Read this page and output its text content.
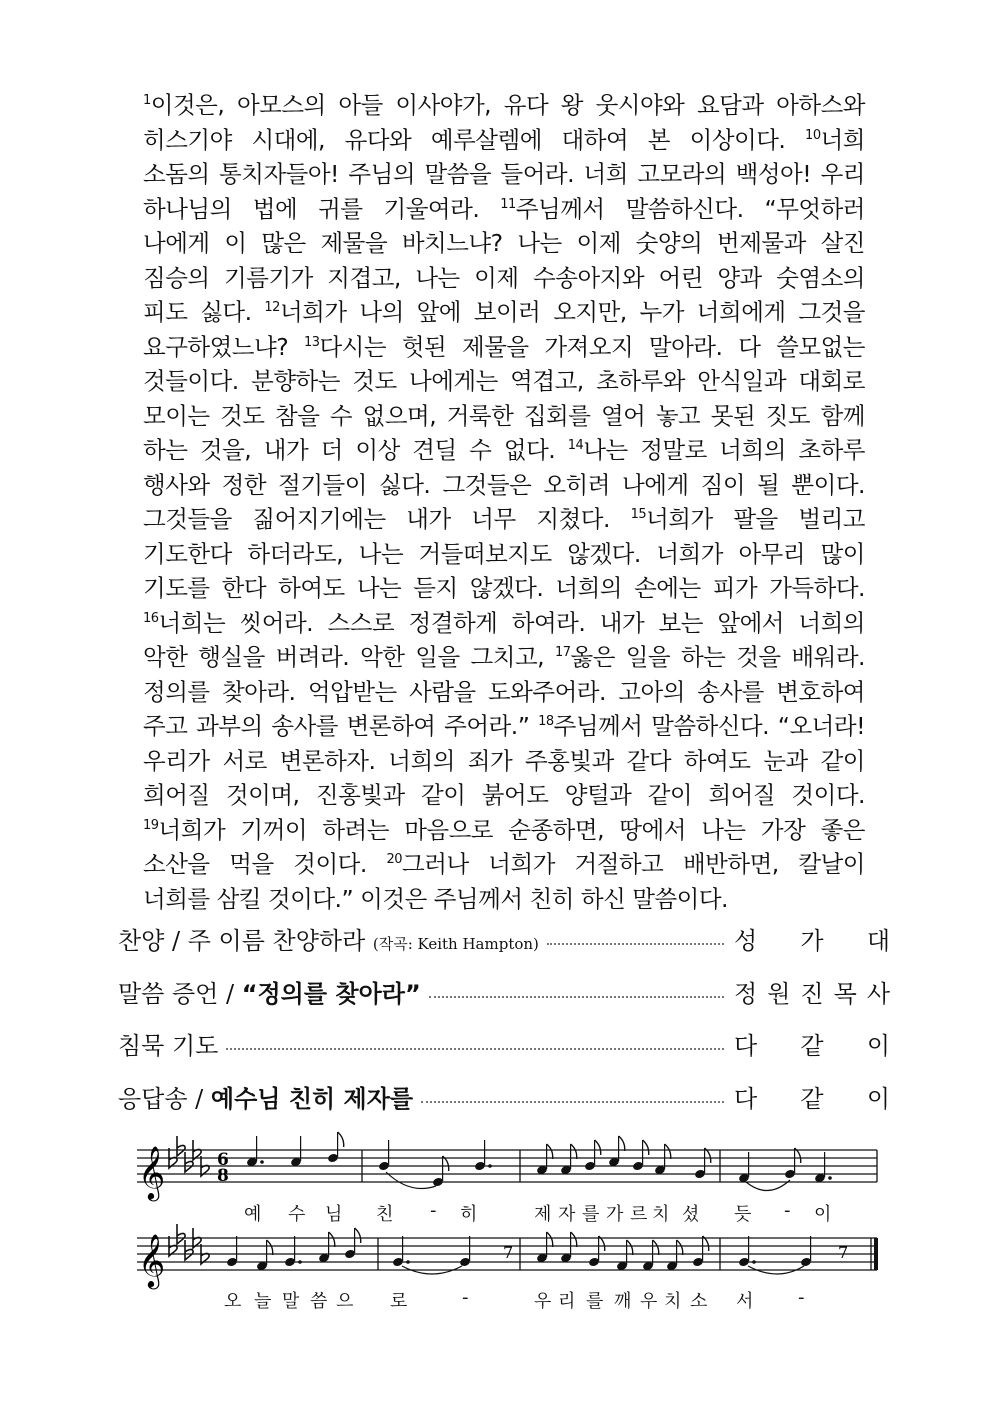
$^1$이것은, 아모스의 아들 이사야가, 유다 왕 웃시야와 요담과 아하스와
히스기야 시대에, 유다와 예루살렘에 대하여 본 이상이다. $^{10}$너희
소돔의 통치자들아! 주님의 말씀을 들어라. 너희 고모라의 백성아! 우리
하나님의 법에 귀를 기울여라. $^{11}$주님께서 말씀하신다. “무엇하러
나에게 이 많은 제물을 바치느냐? 나는 이제 숫양의 번제물과 살진
짐승의 기름기가 지겹고, 나는 이제 수송아지와 어린 양과 숫염소의
피도 싫다. $^{12}$너희가 나의 앞에 보이러 오지만, 누가 너희에게 그것을
요구하였느냐? $^{13}$다시는 헛된 제물을 가져오지 말아라. 다 쓸모없는
것들이다. 분향하는 것도 나에게는 역겹고, 초하루와 안식일과 대회로
모이는 것도 참을 수 없으며, 거룩한 집회를 열어 놓고 못된 짓도 함께
하는 것을, 내가 더 이상 견딜 수 없다. $^{14}$나는 정말로 너희의 초하루
행사와 정한 절기들이 싫다. 그것들은 오히려 나에게 짐이 될 뿐이다.
그것들을 짊어지기에는 내가 너무 지쳤다. $^{15}$너희가 팔을 벌리고
기도한다 하더라도, 나는 거들떠보지도 않겠다. 너희가 아무리 많이
기도를 한다 하여도 나는 듣지 않겠다. 너희의 손에는 피가 가득하다.
$^{16}$너희는 씻어라. 스스로 정결하게 하여라. 내가 보는 앞에서 너희의
악한 행실을 버려라. 악한 일을 그치고, $^{17}$옳은 일을 하는 것을 배워라.
정의를 찾아라. 억압받는 사람을 도와주어라. 고아의 송사를 변호하여
주고 과부의 송사를 변론하여 주어라.” $^{18}$주님께서 말씀하신다. “오너라!
우리가 서로 변론하자. 너희의 죄가 주홍빛과 같다 하여도 눈과 같이
희어질 것이며, 진홍빛과 같이 붉어도 양털과 같이 희어질 것이다.
$^{19}$너희가 기꺼이 하려는 마음으로 순종하면, 땅에서 나는 가장 좋은
소산을 먹을 것이다. $^{20}$그러나 너희가 거절하고 배반하면, 칼날이
너희를 삼킬 것이다.” 이것은 주님께서 친히 하신 말씀이다.
찬양 / 주 이름 찬양하라 (작곡: Keith Hampton)	성 가 대
말씀 증언 / “정의를 찾아라”	정 원 진 목 사
침묵 기도	다 같 이
응답송 / 예수님 친히 제자를	다 같 이
𝄞	6
8
𝄞	7	7
예 수 님 친 - 히	제 자 를 가 르 치 셨 듯 - 이
오 늘 말 씀 으 로	-	우 리 를 깨 우 치 소 서 -
